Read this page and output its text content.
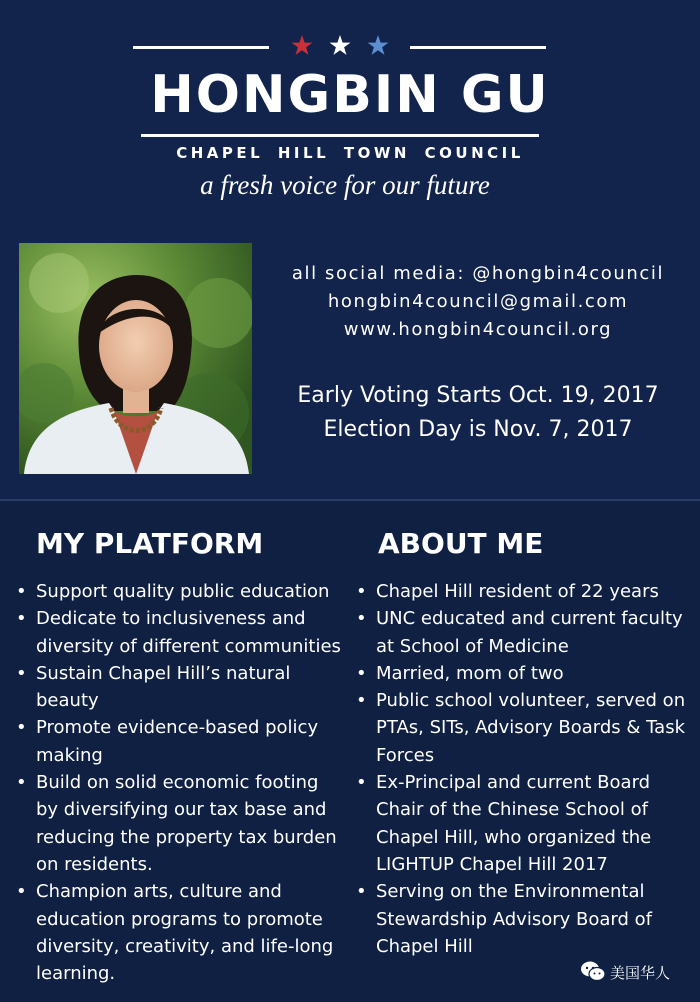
HONGBIN GU
CHAPEL HILL TOWN COUNCIL
a fresh voice for our future
all social media: @hongbin4council
hongbin4council@gmail.com
www.hongbin4council.org
Early Voting Starts Oct. 19, 2017
Election Day is Nov. 7, 2017
MY PLATFORM	ABOUT ME
• Support quality public education
• Dedicate to inclusiveness and diversity of different communities
• Sustain Chapel Hill’s natural beauty
• Promote evidence-based policy making
• Build on solid economic footing by diversifying our tax base and reducing the property tax burden on residents.
• Champion arts, culture and education programs to promote diversity, creativity, and life-long learning.
• Chapel Hill resident of 22 years
• UNC educated and current faculty at School of Medicine
• Married, mom of two
• Public school volunteer, served on PTAs, SITs, Advisory Boards & Task Forces
• Ex-Principal and current Board Chair of the Chinese School of Chapel Hill, who organized the LIGHTUP Chapel Hill 2017
• Serving on the Environmental Stewardship Advisory Board of Chapel Hill
美国华人
